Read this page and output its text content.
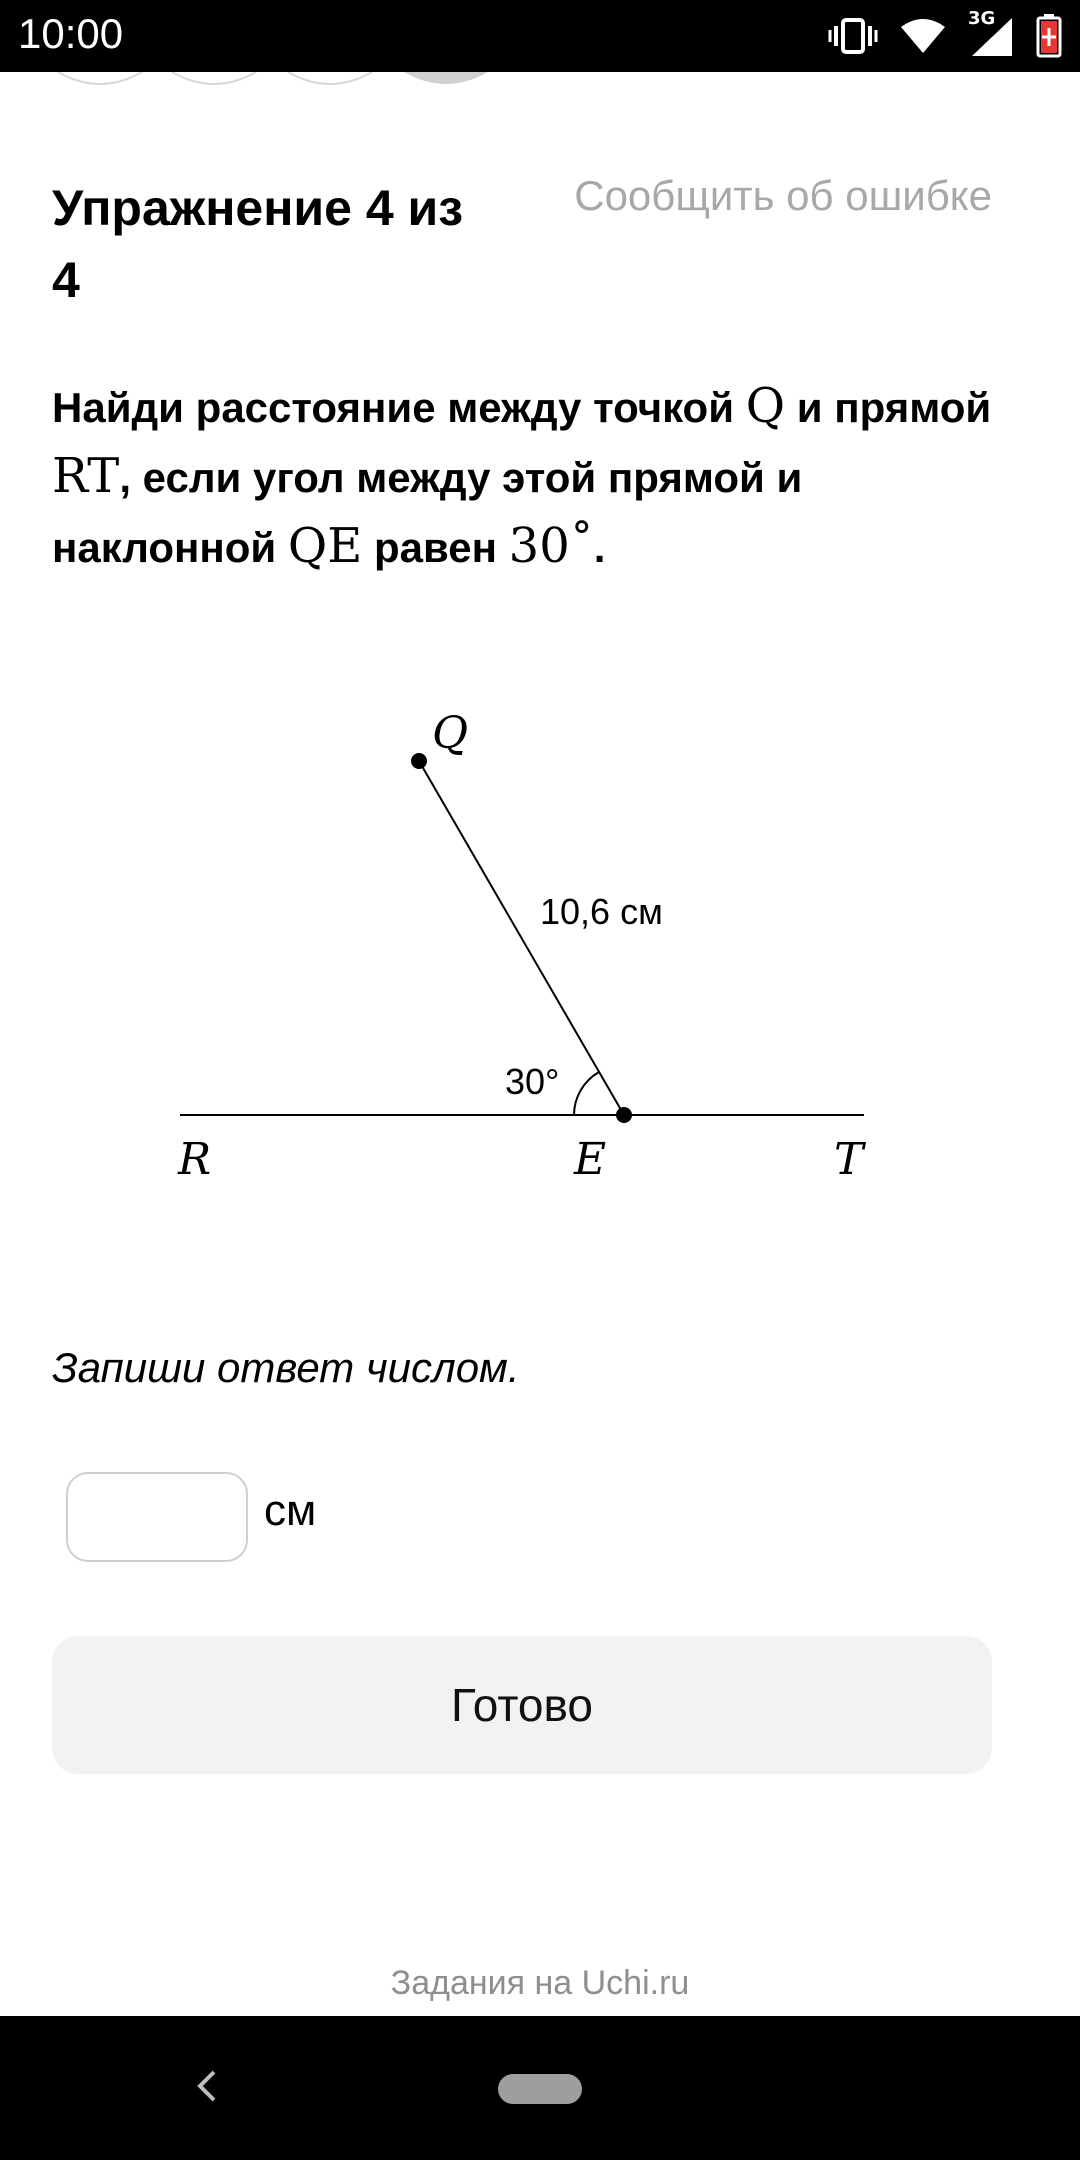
10:00	3G
Упражнение 4 из 4
Сообщить об ошибке
Найди расстояние между точкой Q и прямой RT, если угол между этой прямой и наклонной QE равен 30˚.
Q
10,6 см
30°
R	E	T
Запиши ответ числом.
см
Готово
Задания на Uchi.ru
